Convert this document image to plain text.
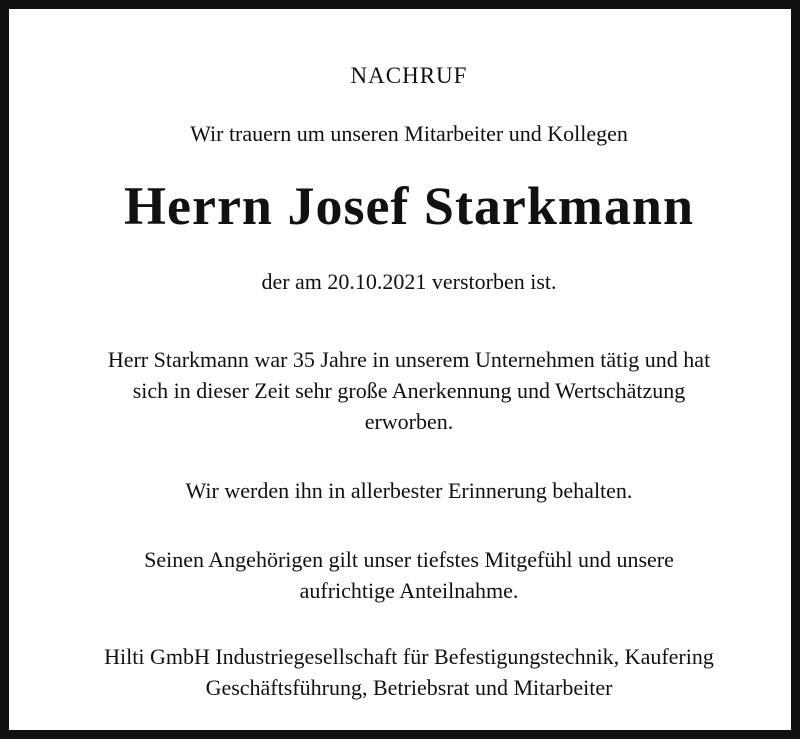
NACHRUF
Wir trauern um unseren Mitarbeiter und Kollegen
Herrn Josef Starkmann
der am 20.10.2021 verstorben ist.
Herr Starkmann war 35 Jahre in unserem Unternehmen tätig und hat
sich in dieser Zeit sehr große Anerkennung und Wertschätzung
erworben.
Wir werden ihn in allerbester Erinnerung behalten.
Seinen Angehörigen gilt unser tiefstes Mitgefühl und unsere
aufrichtige Anteilnahme.
Hilti GmbH Industriegesellschaft für Befestigungstechnik, Kaufering
Geschäftsführung, Betriebsrat und Mitarbeiter
